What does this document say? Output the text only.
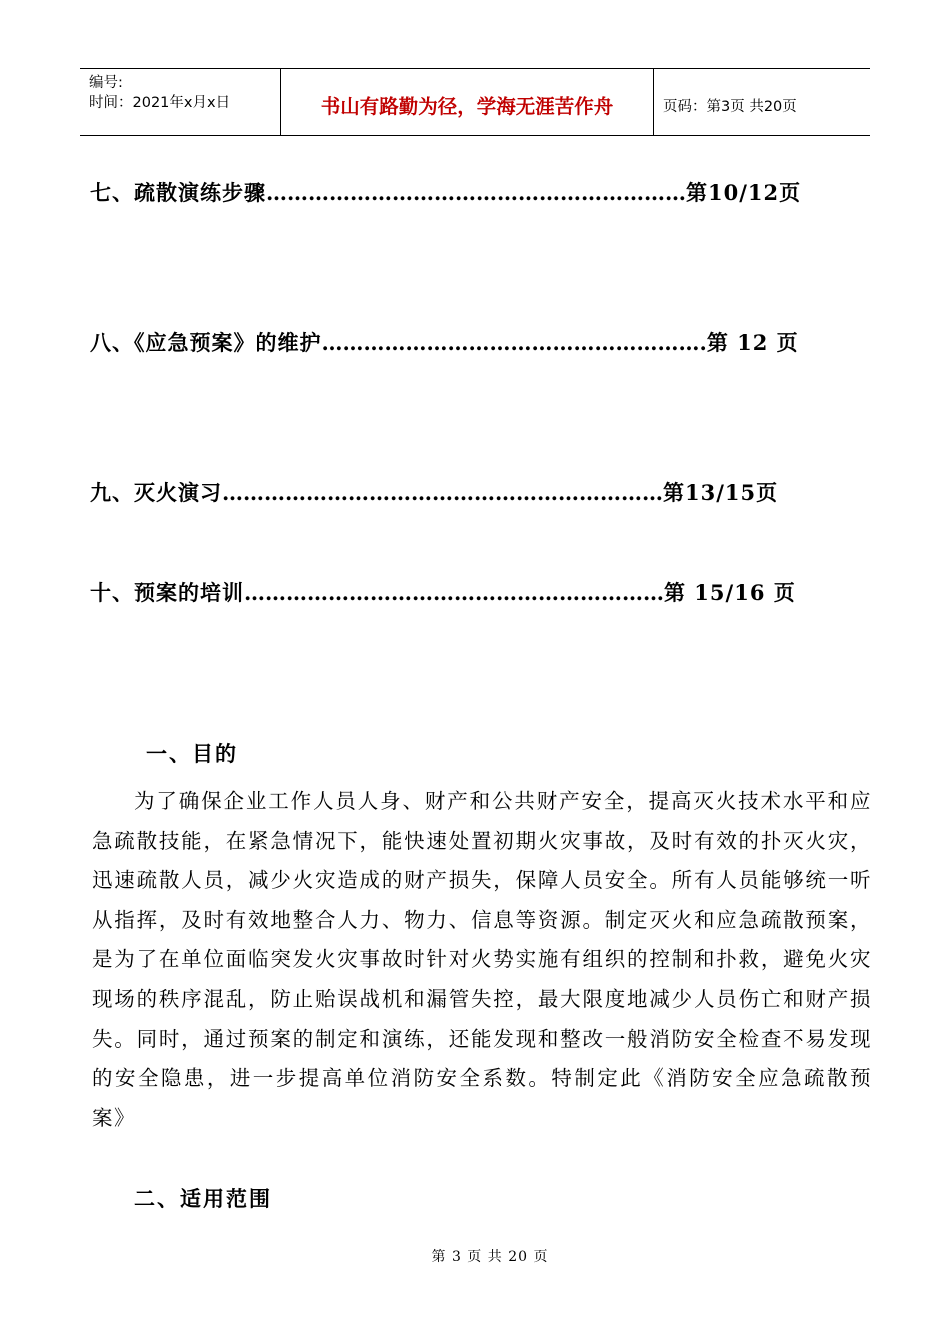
编号:
时间：2021年x月x日	书山有路勤为径，学海无涯苦作舟	页码：第3页 共20页
七、疏散演练步骤……………………………………………………第10/12页
八、《应急预案》的维护……………………………………………….第 12 页
九、灭火演习………………………………………………………第13/15页
十、预案的培训……………………………………………………第 15/16 页
一、目的
为了确保企业工作人员人身、财产和公共财产安全，提高灭火技术水平和应急疏散技能，在紧急情况下，能快速处置初期火灾事故，及时有效的扑灭火灾，迅速疏散人员，减少火灾造成的财产损失，保障人员安全。所有人员能够统一听从指挥，及时有效地整合人力、物力、信息等资源。制定灭火和应急疏散预案，是为了在单位面临突发火灾事故时针对火势实施有组织的控制和扑救，避免火灾现场的秩序混乱，防止贻误战机和漏管失控，最大限度地减少人员伤亡和财产损失。同时，通过预案的制定和演练，还能发现和整改一般消防安全检查不易发现的安全隐患，进一步提高单位消防安全系数。特制定此《消防安全应急疏散预案》
二、适用范围
第 3 页 共 20 页
